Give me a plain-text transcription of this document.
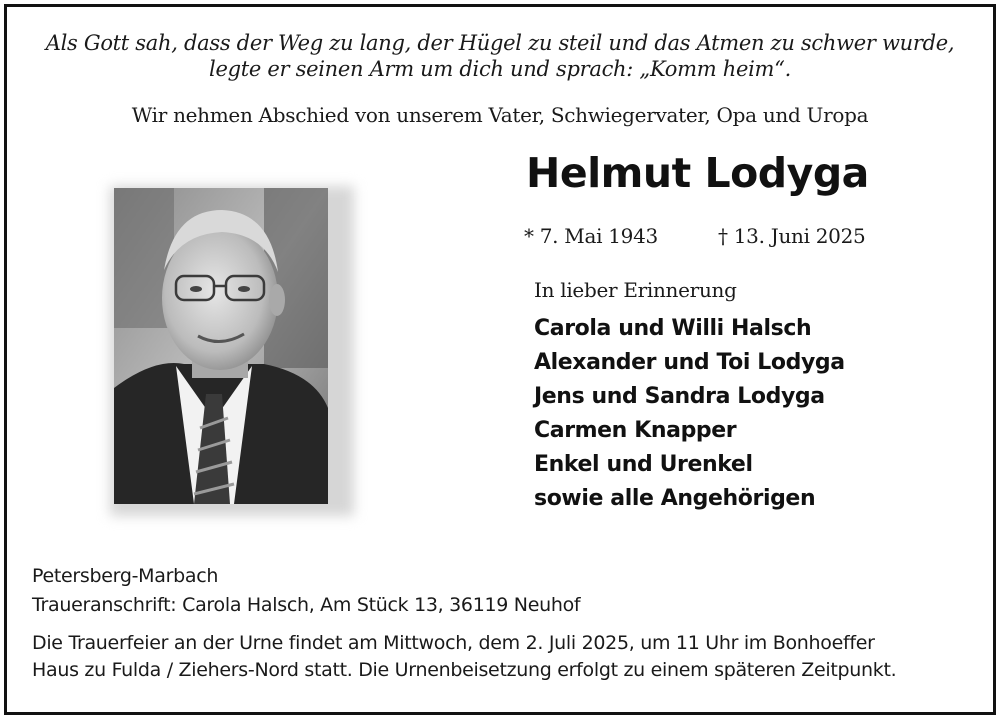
Als Gott sah, dass der Weg zu lang, der Hügel zu steil und das Atmen zu schwer wurde,
legte er seinen Arm um dich und sprach: „Komm heim“.
Wir nehmen Abschied von unserem Vater, Schwiegervater, Opa und Uropa
Helmut Lodyga
* 7. Mai 1943	† 13. Juni 2025
In lieber Erinnerung
Carola und Willi Halsch
Alexander und Toi Lodyga
Jens und Sandra Lodyga
Carmen Knapper
Enkel und Urenkel
sowie alle Angehörigen
Petersberg-Marbach
Traueranschrift: Carola Halsch, Am Stück 13, 36119 Neuhof
Die Trauerfeier an der Urne findet am Mittwoch, dem 2. Juli 2025, um 11 Uhr im Bonhoeffer
Haus zu Fulda / Ziehers-Nord statt. Die Urnenbeisetzung erfolgt zu einem späteren Zeitpunkt.
